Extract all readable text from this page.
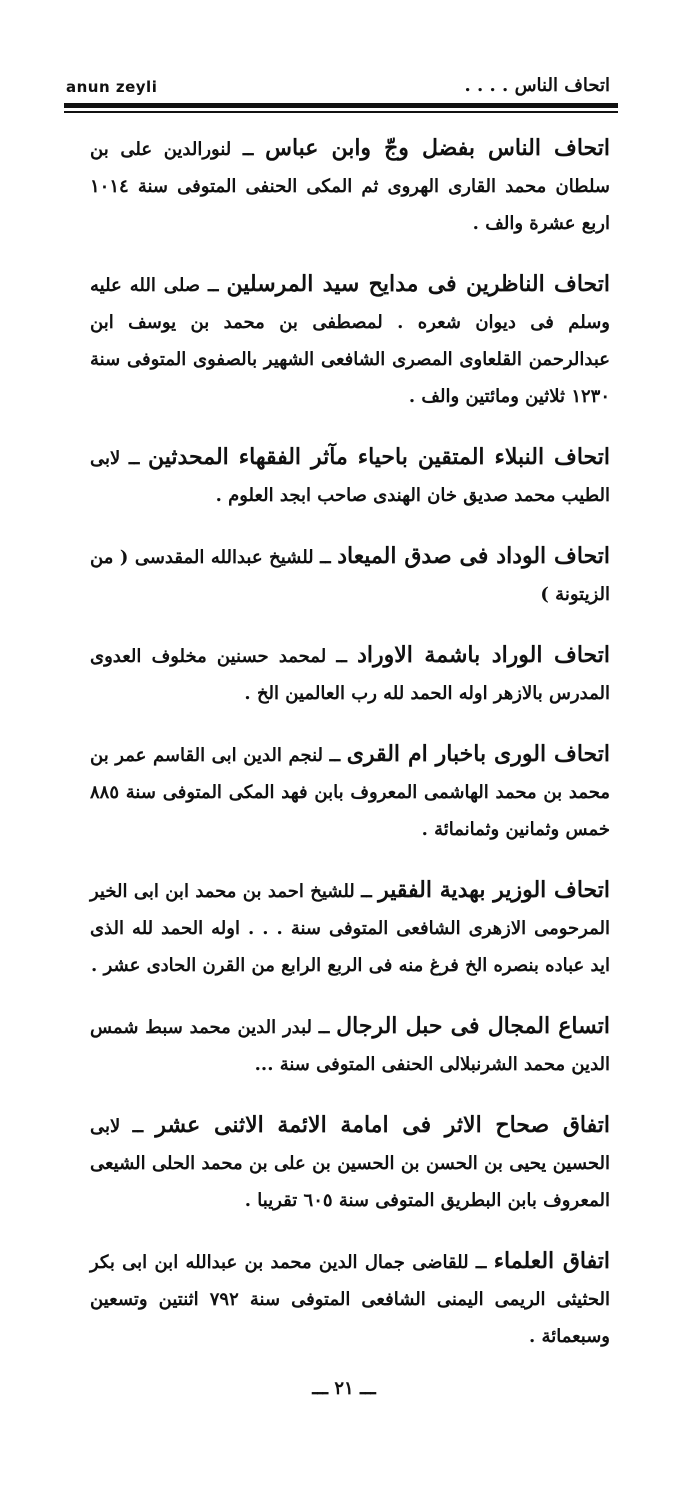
anun zeyli	اتحاف الناس . . . .

اتحاف الناس بفضل وجّ وابن عباس ــ لنورالدين على بن سلطان محمد القارى الهروى ثم المكى الحنفى المتوفى سنة ١٠١٤ اربع عشرة والف .

اتحاف الناظرين فى مدايح سيد المرسلين ــ صلى الله عليه وسلم فى ديوان شعره . لمصطفى بن محمد بن يوسف ابن عبدالرحمن القلعاوى المصرى الشافعى الشهير بالصفوى المتوفى سنة ١٢٣٠ ثلاثين ومائتين والف .

اتحاف النبلاء المتقين باحياء مآثر الفقهاء المحدثين ــ لابى الطيب محمد صديق خان الهندى صاحب ابجد العلوم .

اتحاف الوداد فى صدق الميعاد ــ للشيخ عبدالله المقدسى ( من الزيتونة )

اتحاف الوراد باشمة الاوراد ــ لمحمد حسنين مخلوف العدوى المدرس بالازهر اوله الحمد لله رب العالمين الخ .

اتحاف الورى باخبار ام القرى ــ لنجم الدين ابى القاسم عمر بن محمد بن محمد الهاشمى المعروف بابن فهد المكى المتوفى سنة ٨٨٥ خمس وثمانين وثمانمائة .

اتحاف الوزير بهدية الفقير ــ للشيخ احمد بن محمد ابن ابى الخير المرحومى الازهرى الشافعى المتوفى سنة . . . اوله الحمد لله الذى ايد عباده بنصره الخ فرغ منه فى الربع الرابع من القرن الحادى عشر .

اتساع المجال فى حبل الرجال ــ لبدر الدين محمد سبط شمس الدين محمد الشرنبلالى الحنفى المتوفى سنة ...

اتفاق صحاح الاثر فى امامة الائمة الاثنى عشر ــ لابى الحسين يحيى بن الحسن بن الحسين بن على بن محمد الحلى الشيعى المعروف بابن البطريق المتوفى سنة ٦٠٥ تقريبا .

اتفاق العلماء ــ للقاضى جمال الدين محمد بن عبدالله ابن ابى بكر الحثيثى الريمى اليمنى الشافعى المتوفى سنة ٧٩٢ اثنتين وتسعين وسبعمائة .

ـــ ٢١ ـــ
